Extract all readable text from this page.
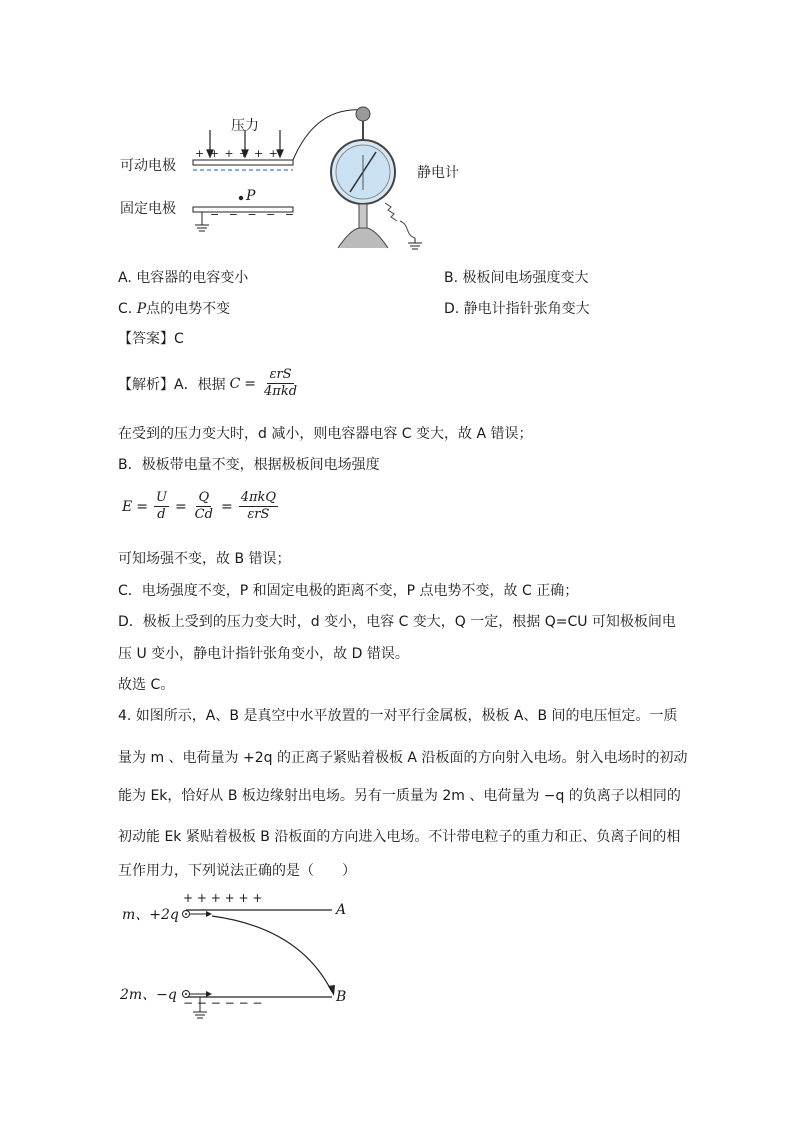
压力
+ + + + + +
可动电极
固定电极
P
− − − − −
静电计
A. 电容器的电容变小	B. 极板间电场强度变大
C. P点的电势不变	D. 静电计指针张角变大
【答案】C
【解析】A．根据 $C = \frac{\text{εrS}}{\text{4πkd}}$
在受到的压力变大时，d 减小，则电容器电容 C 变大，故 A 错误；
B．极板带电量不变，根据极板间电场强度
$E = \frac{U}{d} = \frac{Q}{Cd} = \frac{\text{4πkQ}}{\text{εrS}}$
可知场强不变，故 B 错误；
C．电场强度不变，P 和固定电极的距离不变，P 点电势不变，故 C 正确；
D．极板上受到的压力变大时，d 变小，电容 C 变大，Q 一定，根据 Q=CU 可知极板间电
压 U 变小，静电计指针张角变小，故 D 错误。
故选 C。
4. 如图所示，A、B 是真空中水平放置的一对平行金属板，极板 A、B 间的电压恒定。一质
量为 m 、电荷量为 +2q 的正离子紧贴着极板 A 沿板面的方向射入电场。射入电场时的初动
能为 Ek，恰好从 B 板边缘射出电场。另有一质量为 2m 、电荷量为 −q 的负离子以相同的
初动能 Ek 紧贴着极板 B 沿板面的方向进入电场。不计带电粒子的重力和正、负离子间的相
互作用力，下列说法正确的是（　　）
+ + + + + +
m、+2q	A
2m、−q − − − − − −	B
